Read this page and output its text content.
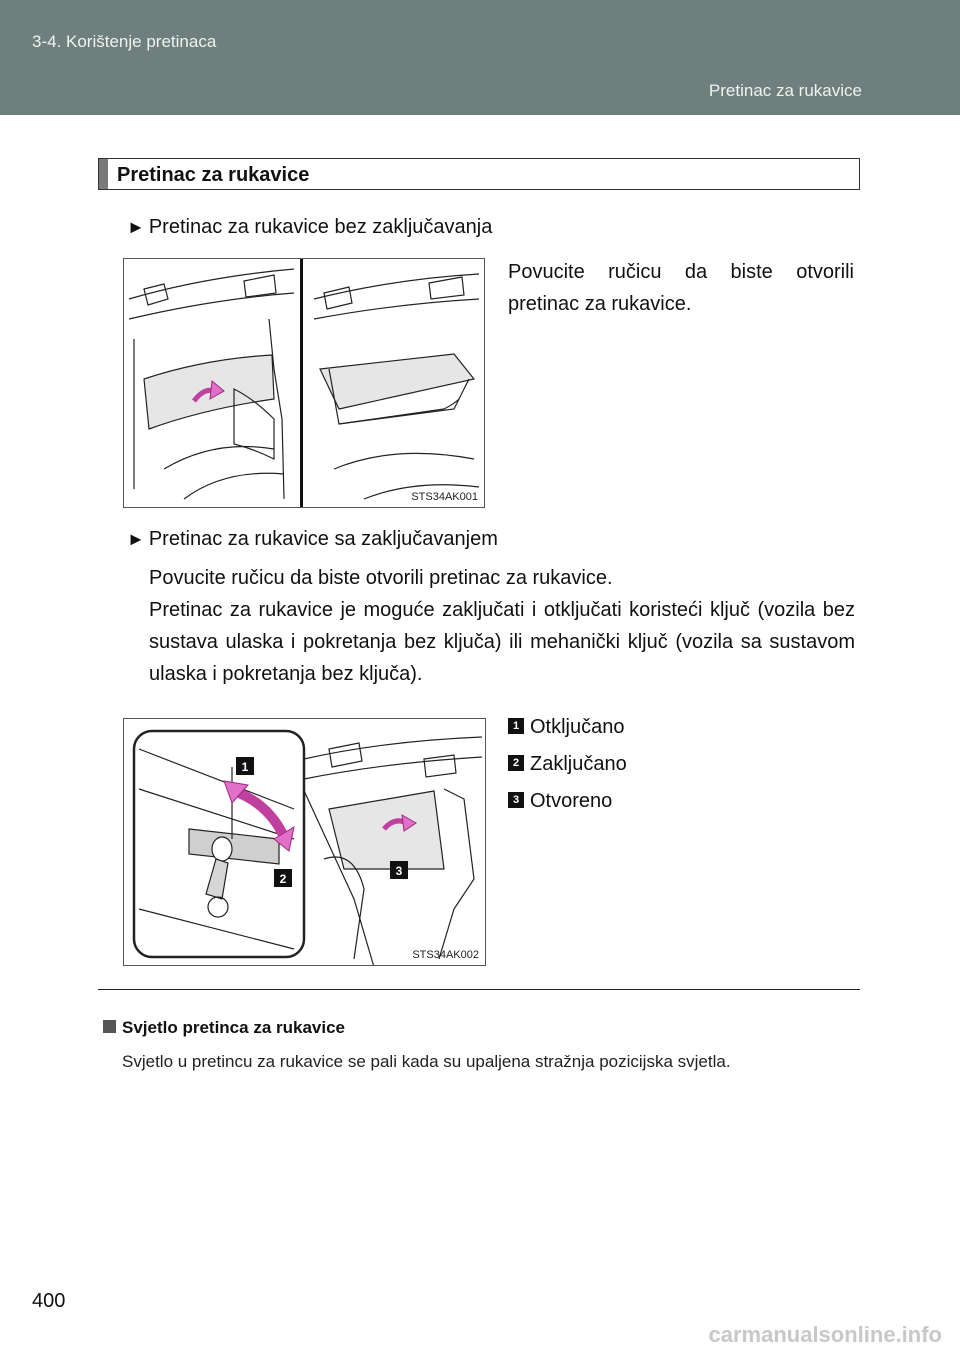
3-4. Korištenje pretinaca
Pretinac za rukavice
Pretinac za rukavice
► Pretinac za rukavice bez zaključavanja
STS34AK001
Povucite ručicu da biste otvorili pretinac za rukavice.
► Pretinac za rukavice sa zaključavanjem
Povucite ručicu da biste otvorili pretinac za rukavice.
Pretinac za rukavice je moguće zaključati i otključati koristeći ključ (vozila bez sustava ulaska i pokretanja bez ključa) ili mehanički ključ (vozila sa sustavom ulaska i pokretanja bez ključa).
1
2
3
STS34AK002
1 Otključano
2 Zaključano
3 Otvoreno
Svjetlo pretinca za rukavice
Svjetlo u pretincu za rukavice se pali kada su upaljena stražnja pozicijska svjetla.
400
carmanualsonline.info
